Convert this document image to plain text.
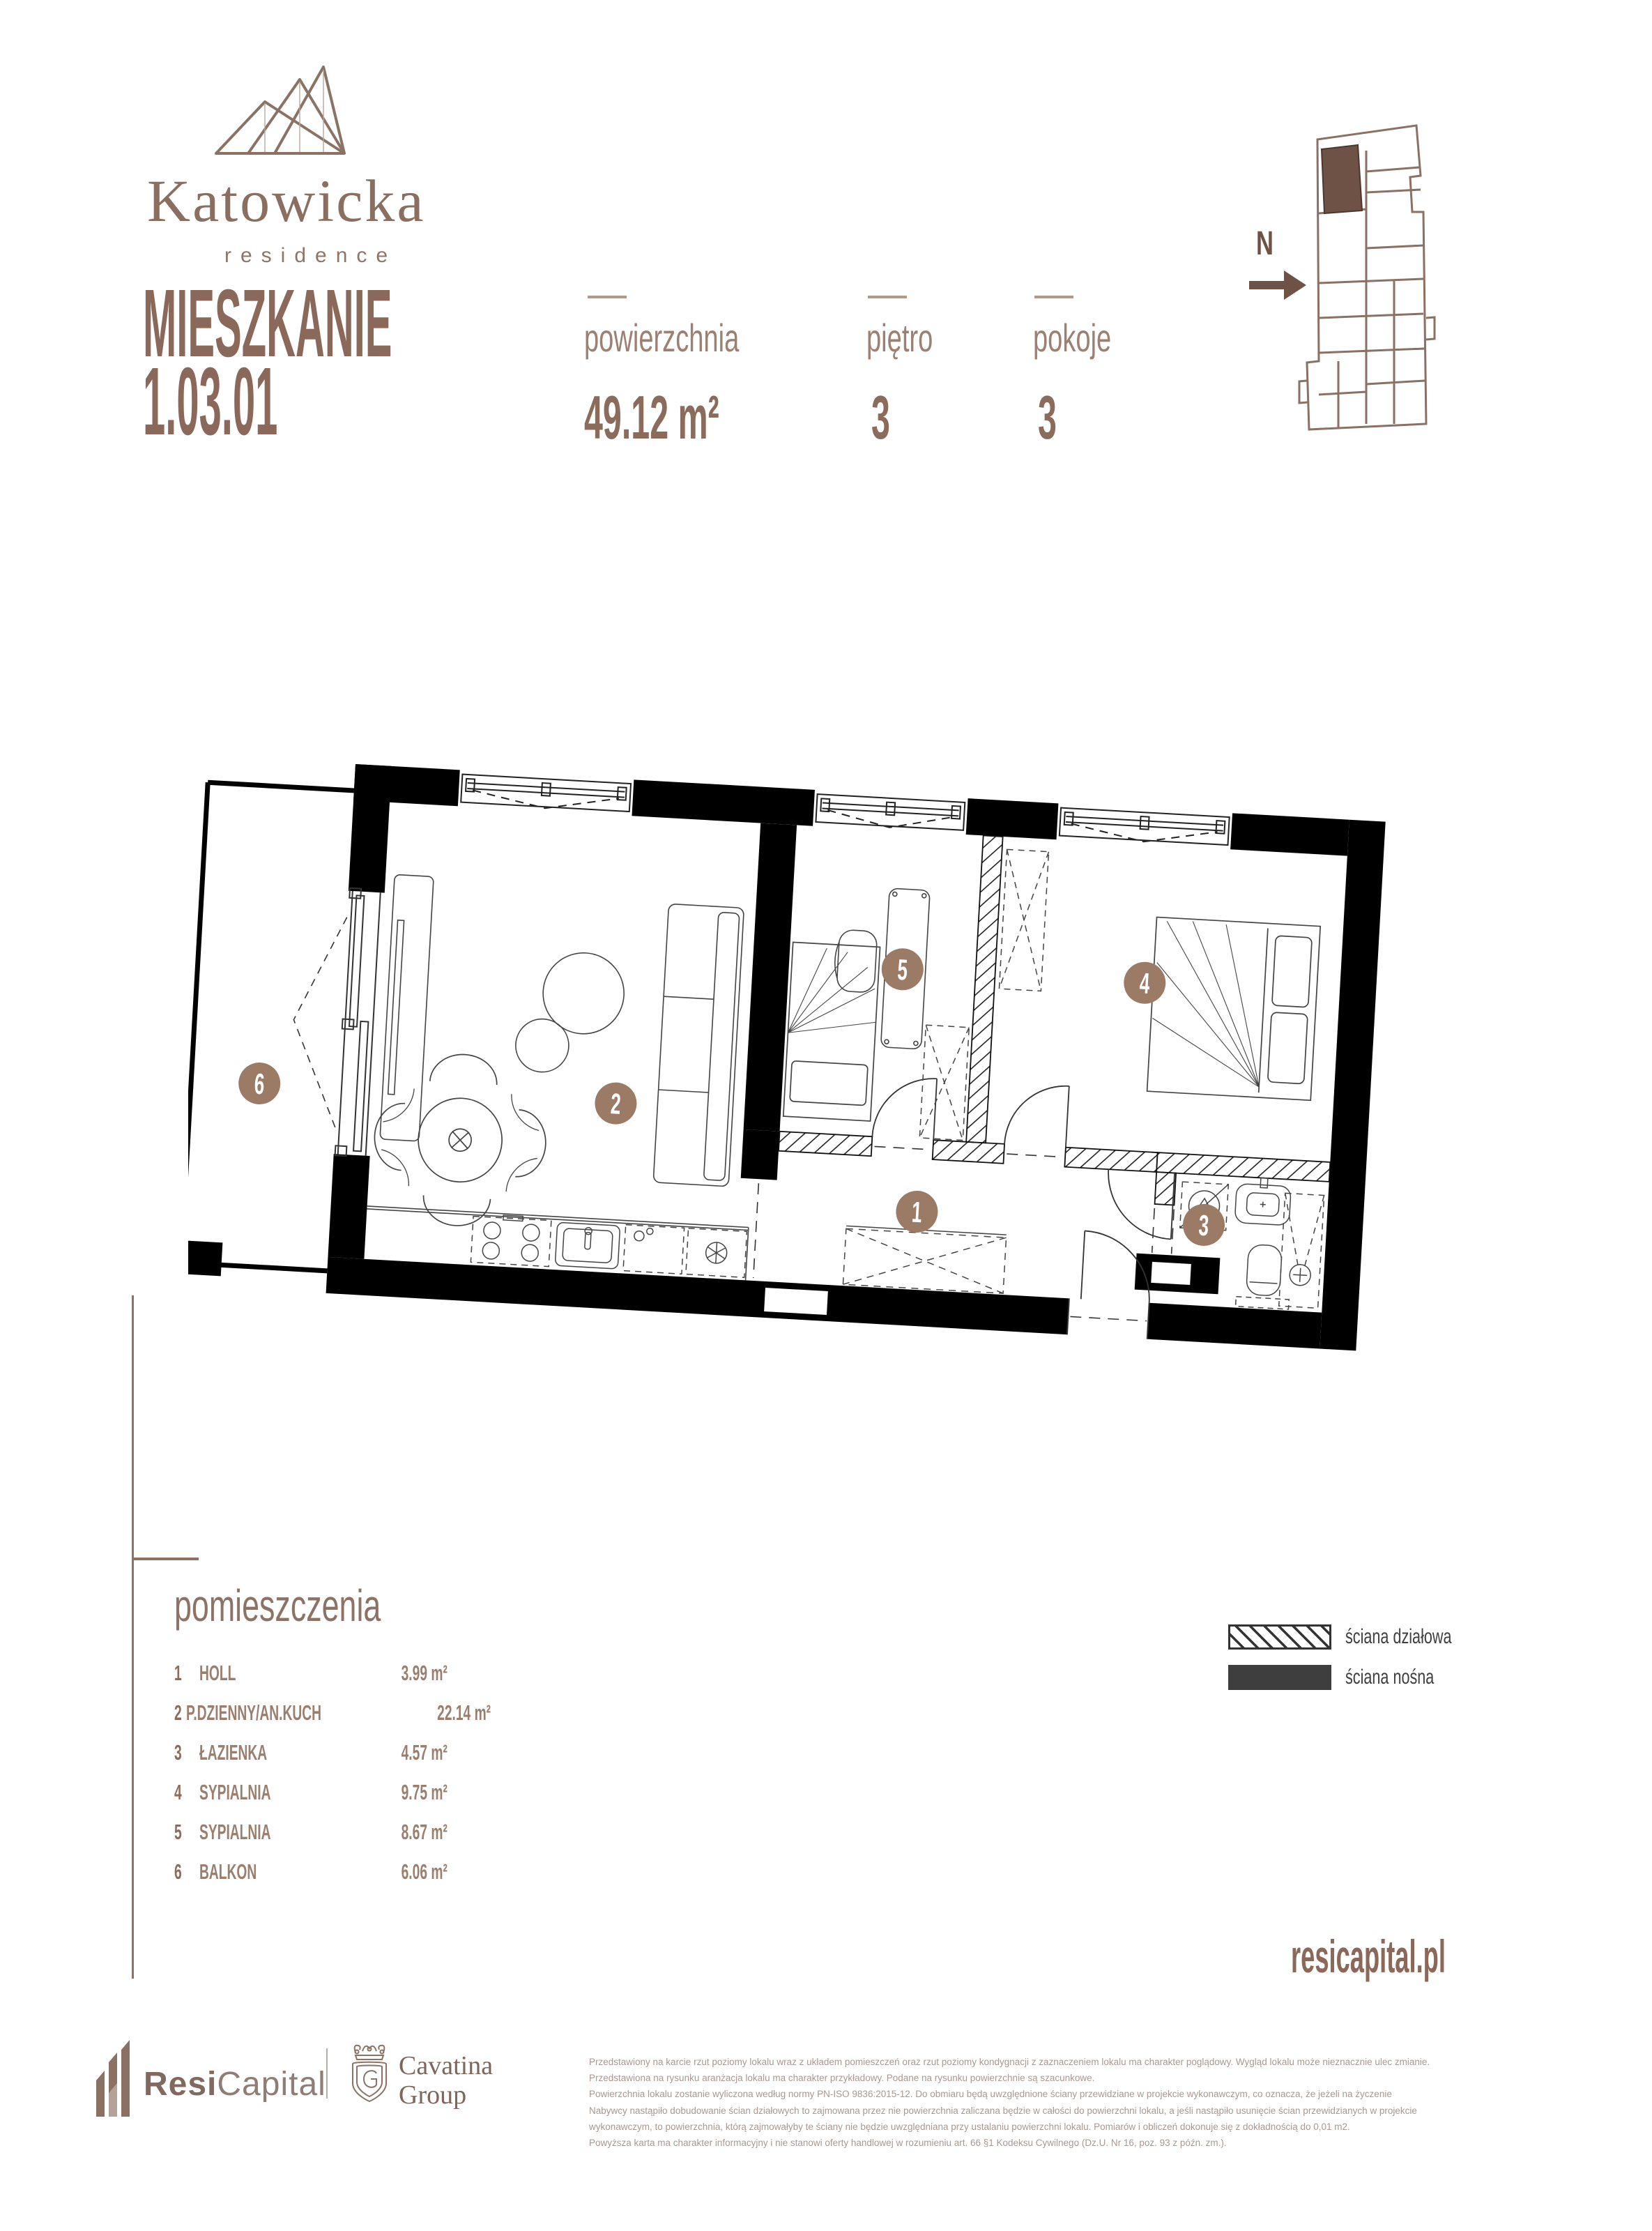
Katowicka
residence
MIESZKANIE
1.03.01
powierzchnia
49.12 m²
piętro
3
pokoje
3
N
6
2
5	4
1	3
pomieszczenia
1 HOLL	3.99 m²
2 P.DZIENNY/AN.KUCH	22.14 m²
3 ŁAZIENKA	4.57 m²
4 SYPIALNIA	9.75 m²
5 SYPIALNIA	8.67 m²
6 BALKON	6.06 m²
ściana działowa
ściana nośna
resicapital.pl
ResiCapital	Cavatina
Group
Przedstawiony na karcie rzut poziomy lokalu wraz z układem pomieszczeń oraz rzut poziomy kondygnacji z zaznaczeniem lokalu ma charakter poglądowy. Wygląd lokalu może nieznacznie ulec zmianie.
Przedstawiona na rysunku aranżacja lokalu ma charakter przykładowy. Podane na rysunku powierzchnie są szacunkowe.
Powierzchnia lokalu zostanie wyliczona według normy PN-ISO 9836:2015-12. Do obmiaru będą uwzględnione ściany przewidziane w projekcie wykonawczym, co oznacza, że jeżeli na życzenie
Nabywcy nastąpiło dobudowanie ścian działowych to zajmowana przez nie powierzchnia zaliczana będzie w całości do powierzchni lokalu, a jeśli nastąpiło usunięcie ścian przewidzianych w projekcie
wykonawczym, to powierzchnia, którą zajmowałyby te ściany nie będzie uwzględniana przy ustalaniu powierzchni lokalu. Pomiarów i obliczeń dokonuje się z dokładnością do 0,01 m2.
Powyższa karta ma charakter informacyjny i nie stanowi oferty handlowej w rozumieniu art. 66 §1 Kodeksu Cywilnego (Dz.U. Nr 16, poz. 93 z późn. zm.).
